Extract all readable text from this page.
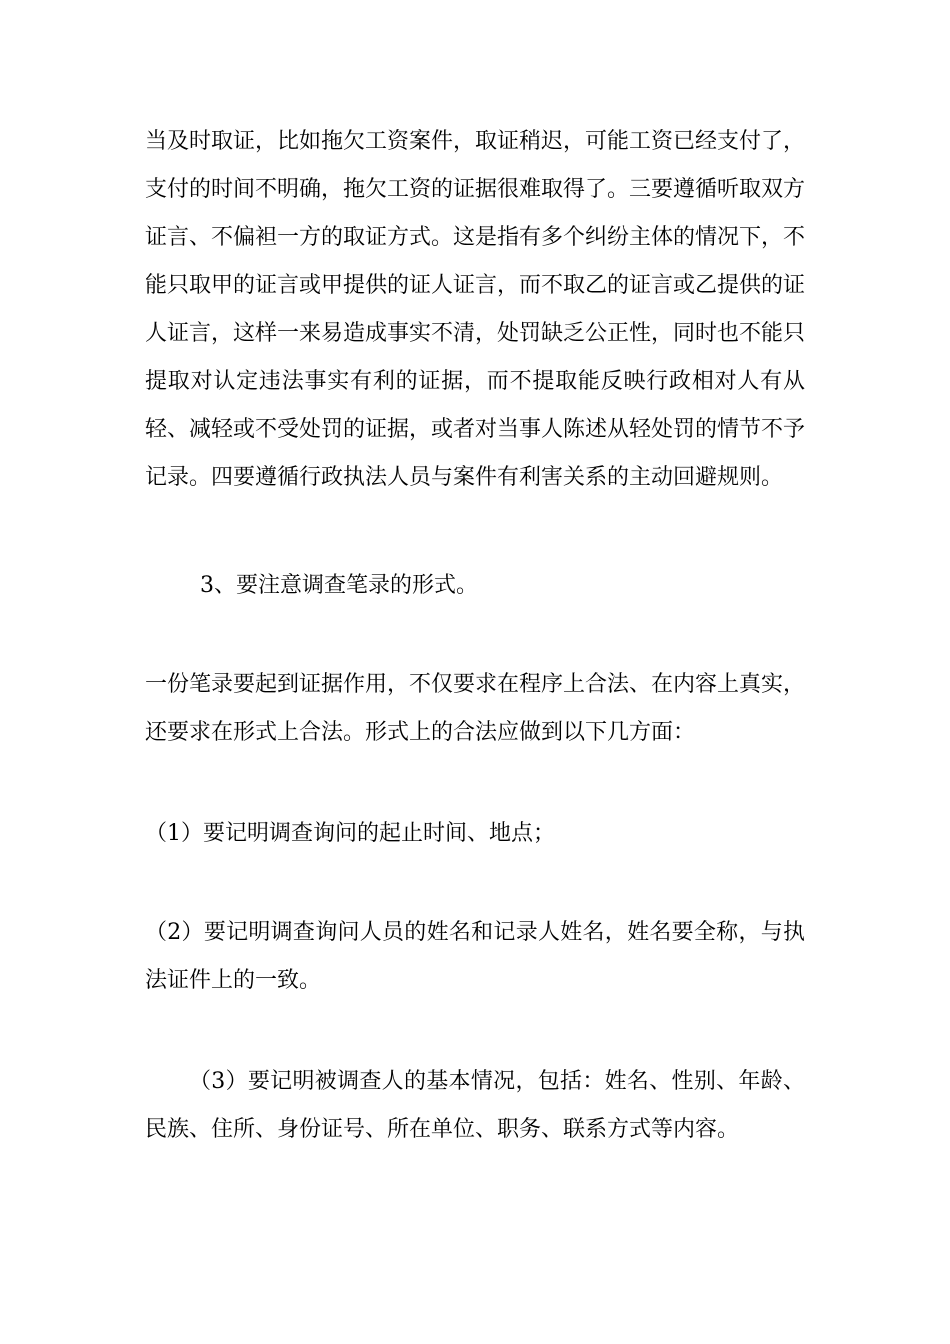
当及时取证，比如拖欠工资案件，取证稍迟，可能工资已经支付了，
支付的时间不明确，拖欠工资的证据很难取得了。三要遵循听取双方
证言、不偏袒一方的取证方式。这是指有多个纠纷主体的情况下，不
能只取甲的证言或甲提供的证人证言，而不取乙的证言或乙提供的证
人证言，这样一来易造成事实不清，处罚缺乏公正性，同时也不能只
提取对认定违法事实有利的证据，而不提取能反映行政相对人有从
轻、减轻或不受处罚的证据，或者对当事人陈述从轻处罚的情节不予
记录。四要遵循行政执法人员与案件有利害关系的主动回避规则。
3、要注意调查笔录的形式。
一份笔录要起到证据作用，不仅要求在程序上合法、在内容上真实，
还要求在形式上合法。形式上的合法应做到以下几方面：
（1）要记明调查询问的起止时间、地点；
（2）要记明调查询问人员的姓名和记录人姓名，姓名要全称，与执
法证件上的一致。
（3）要记明被调查人的基本情况，包括：姓名、性别、年龄、
民族、住所、身份证号、所在单位、职务、联系方式等内容。
